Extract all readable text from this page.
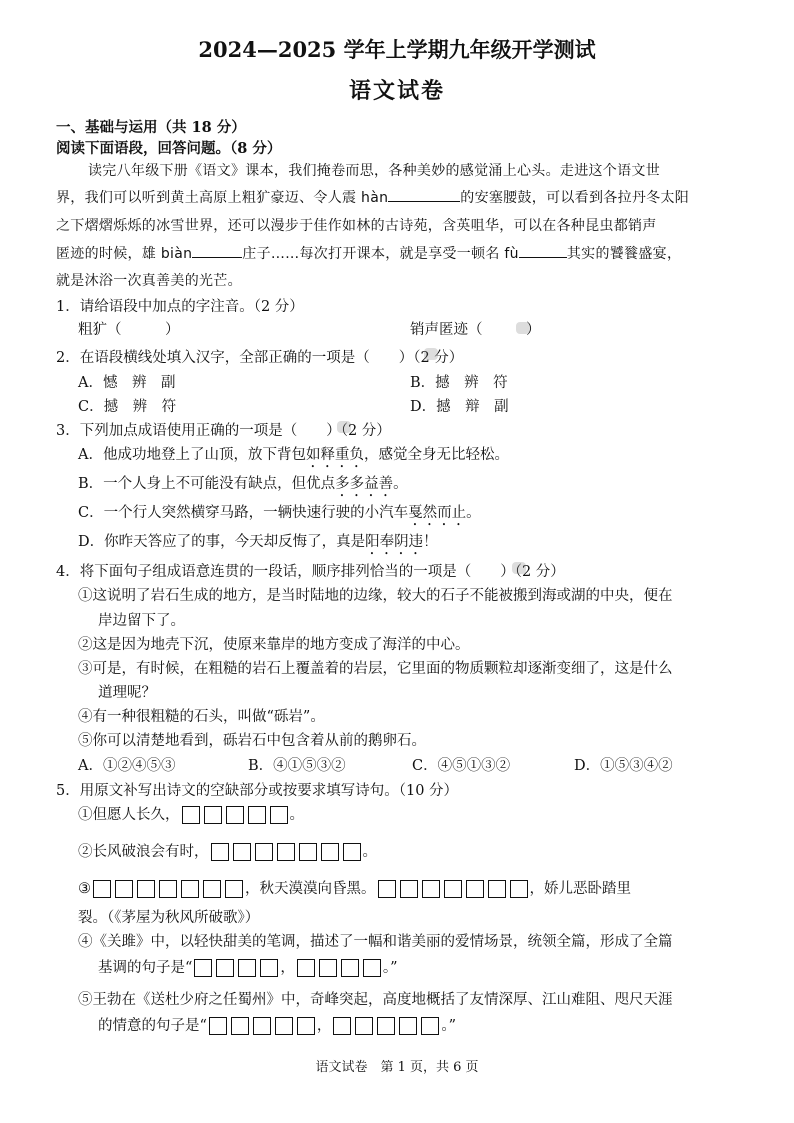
2024—2025 学年上学期九年级开学测试
语文试卷
一、基础与运用（共 18 分）
阅读下面语段，回答问题。（8 分）
读完八年级下册《语文》课本，我们掩卷而思，各种美妙的感觉涌上心头。走进这个语文世
界，我们可以听到黄土高原上粗犷豪迈、令人震 hàn	的安塞腰鼓，可以看到各拉丹冬太阳
之下熠熠烁烁的冰雪世界，还可以漫步于佳作如林的古诗苑，含英咀华，可以在各种昆虫都销声
匿迹的时候，雄 biàn	庄子……每次打开课本，就是享受一顿名 fù	其实的饕餮盛宴，
就是沐浴一次真善美的光芒。
1．请给语段中加点的字注音。（2 分）
粗犷（　　　）	销声匿迹（　　　）
2．在语段横线处填入汉字，全部正确的一项是（　　）（2 分）
A．憾　辨　副	B．撼　辨　符
C．撼　辨　符	D．撼　辩　副
3．下列加点成语使用正确的一项是（　　）（2 分）
A．他成功地登上了山顶，放下背包如释重负，感觉全身无比轻松。
B．一个人身上不可能没有缺点，但优点多多益善。
C．一个行人突然横穿马路，一辆快速行驶的小汽车戛然而止。
D．你昨天答应了的事，今天却反悔了，真是阳奉阴违！
4．将下面句子组成语意连贯的一段话，顺序排列恰当的一项是（　　）（2 分）
①这说明了岩石生成的地方，是当时陆地的边缘，较大的石子不能被搬到海或湖的中央，便在
岸边留下了。
②这是因为地壳下沉，使原来靠岸的地方变成了海洋的中心。
③可是，有时候，在粗糙的岩石上覆盖着的岩层，它里面的物质颗粒却逐渐变细了，这是什么
道理呢？
④有一种很粗糙的石头，叫做“砾岩”。
⑤你可以清楚地看到，砾岩石中包含着从前的鹅卵石。
A．①②④⑤③	B．④①⑤③②	C．④⑤①③②	D．①⑤③④②
5．用原文补写出诗文的空缺部分或按要求填写诗句。（10 分）
①但愿人长久，	。
②长风破浪会有时，	。
③	，秋天漠漠向昏黑。	，娇儿恶卧踏里
裂。（《茅屋为秋风所破歌》）
④《关雎》中，以轻快甜美的笔调，描述了一幅和谐美丽的爱情场景，统领全篇，形成了全篇
基调的句子是“	，	。”
⑤王勃在《送杜少府之任蜀州》中，奇峰突起，高度地概括了友情深厚、江山难阻、咫尺天涯
的情意的句子是“	，	。”
语文试卷　第 1 页，共 6 页
